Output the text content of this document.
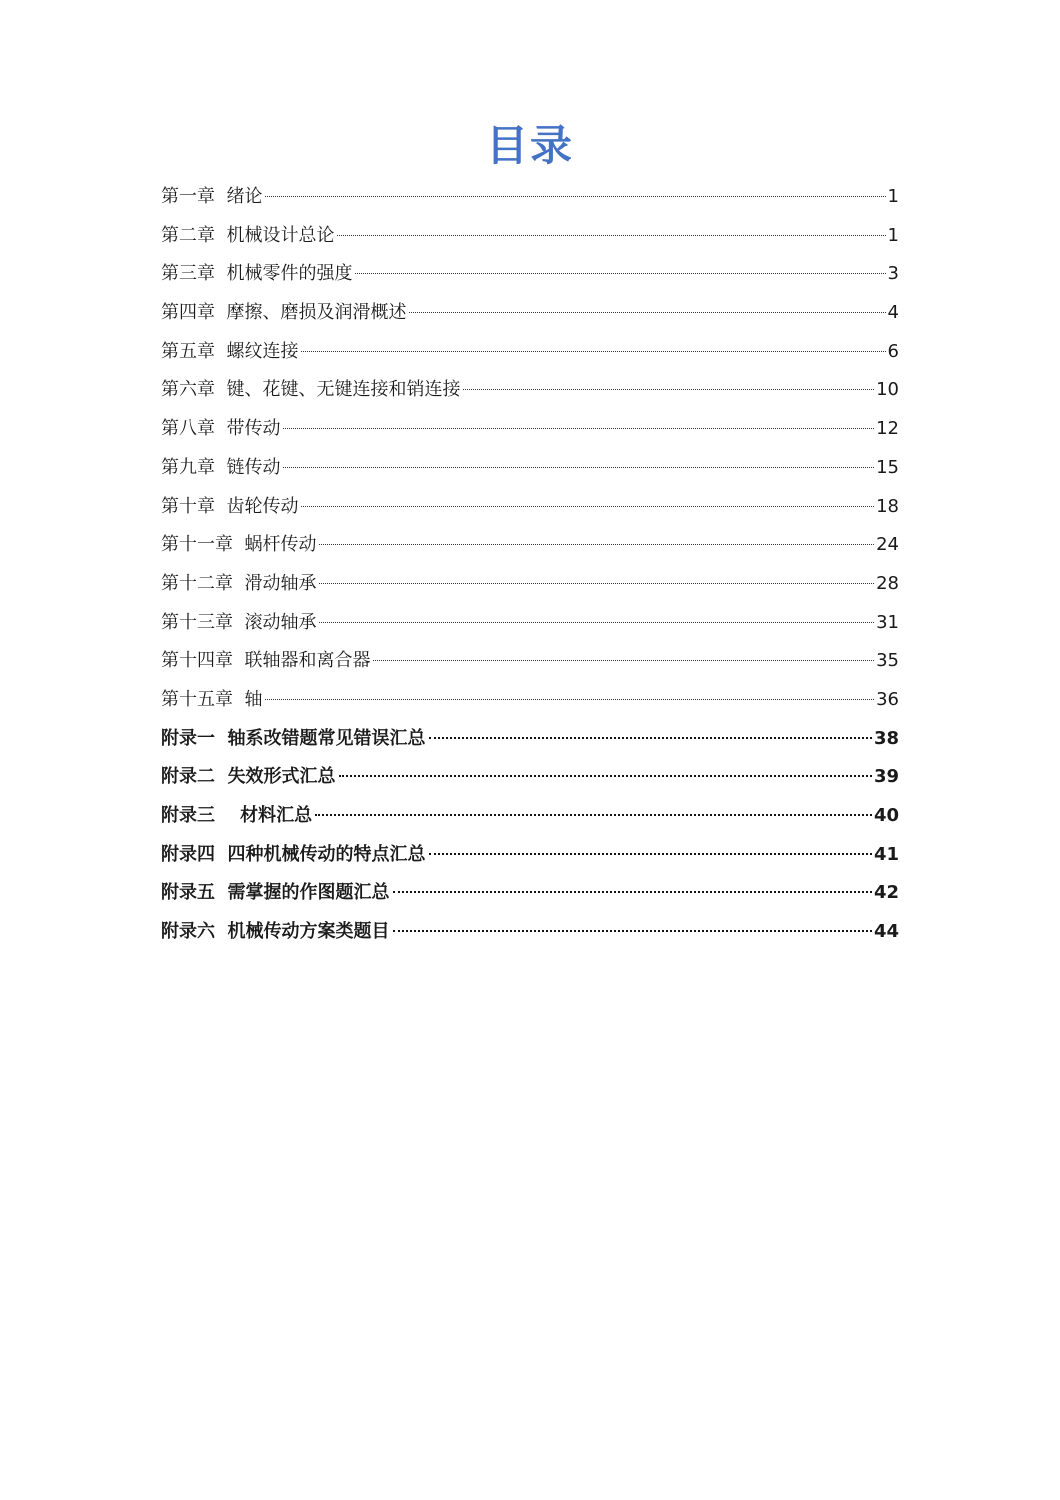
目录
第一章  绪论	1
第二章  机械设计总论	1
第三章  机械零件的强度	3
第四章  摩擦、磨损及润滑概述	4
第五章  螺纹连接	6
第六章  键、花键、无键连接和销连接	10
第八章  带传动	12
第九章  链传动	15
第十章  齿轮传动	18
第十一章  蜗杆传动	24
第十二章  滑动轴承	28
第十三章  滚动轴承	31
第十四章  联轴器和离合器	35
第十五章  轴	36
附录一  轴系改错题常见错误汇总	38
附录二  失效形式汇总	39
附录三    材料汇总	40
附录四  四种机械传动的特点汇总	41
附录五  需掌握的作图题汇总	42
附录六  机械传动方案类题目	44
